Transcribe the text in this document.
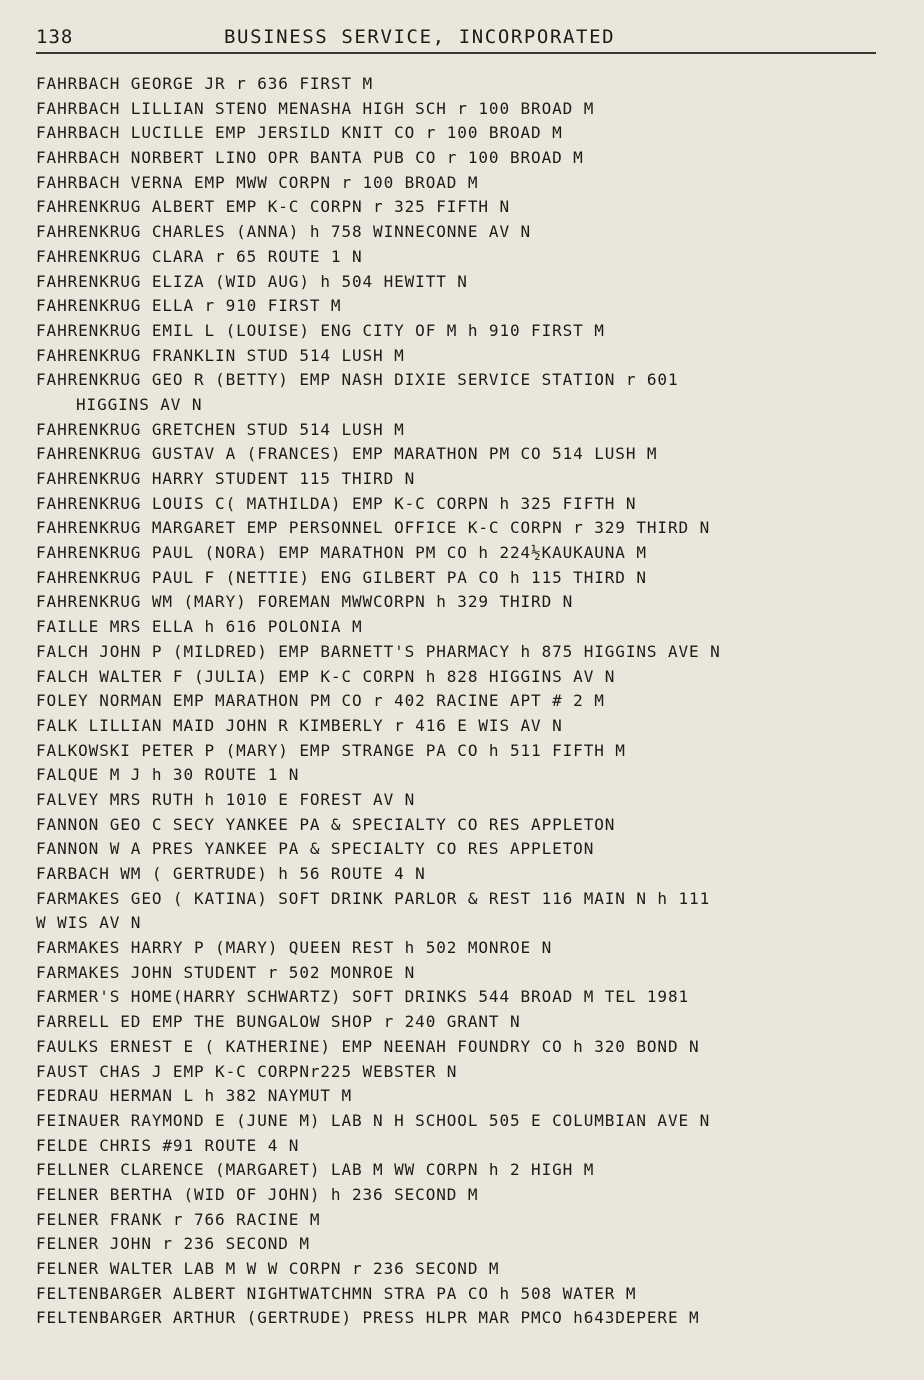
138	BUSINESS SERVICE, INCORPORATED
FAHRBACH GEORGE JR r 636 FIRST M
FAHRBACH LILLIAN STENO MENASHA HIGH SCH r 100 BROAD M
FAHRBACH LUCILLE EMP JERSILD KNIT CO r 100 BROAD M
FAHRBACH NORBERT LINO OPR BANTA PUB CO r 100 BROAD M
FAHRBACH VERNA EMP MWW CORPN r 100 BROAD M
FAHRENKRUG ALBERT EMP K-C CORPN r 325 FIFTH N
FAHRENKRUG CHARLES (ANNA) h 758 WINNECONNE AV N
FAHRENKRUG CLARA r 65 ROUTE 1 N
FAHRENKRUG ELIZA (WID AUG) h 504 HEWITT N
FAHRENKRUG ELLA r 910 FIRST M
FAHRENKRUG EMIL L (LOUISE) ENG CITY OF M h 910 FIRST M
FAHRENKRUG FRANKLIN STUD 514 LUSH M
FAHRENKRUG GEO R (BETTY) EMP NASH DIXIE SERVICE STATION r 601
HIGGINS AV N
FAHRENKRUG GRETCHEN STUD 514 LUSH M
FAHRENKRUG GUSTAV A (FRANCES) EMP MARATHON PM CO 514 LUSH M
FAHRENKRUG HARRY STUDENT 115 THIRD N
FAHRENKRUG LOUIS C( MATHILDA) EMP K-C CORPN h 325 FIFTH N
FAHRENKRUG MARGARET EMP PERSONNEL OFFICE K-C CORPN r 329 THIRD N
FAHRENKRUG PAUL (NORA) EMP MARATHON PM CO h 224½KAUKAUNA M
FAHRENKRUG PAUL F (NETTIE) ENG GILBERT PA CO h 115 THIRD N
FAHRENKRUG WM (MARY) FOREMAN MWWCORPN h 329 THIRD N
FAILLE MRS ELLA h 616 POLONIA M
FALCH JOHN P (MILDRED) EMP BARNETT'S PHARMACY h 875 HIGGINS AVE N
FALCH WALTER F (JULIA) EMP K-C CORPN h 828 HIGGINS AV N
FOLEY NORMAN EMP MARATHON PM CO r 402 RACINE APT # 2 M
FALK LILLIAN MAID JOHN R KIMBERLY r 416 E WIS AV N
FALKOWSKI PETER P (MARY) EMP STRANGE PA CO h 511 FIFTH M
FALQUE M J h 30 ROUTE 1 N
FALVEY MRS RUTH h 1010 E FOREST AV N
FANNON GEO C SECY YANKEE PA & SPECIALTY CO RES APPLETON
FANNON W A PRES YANKEE PA & SPECIALTY CO RES APPLETON
FARBACH WM ( GERTRUDE) h 56 ROUTE 4 N
FARMAKES GEO ( KATINA) SOFT DRINK PARLOR & REST 116 MAIN N h 111
W WIS AV N
FARMAKES HARRY P (MARY) QUEEN REST h 502 MONROE N
FARMAKES JOHN STUDENT r 502 MONROE N
FARMER'S HOME(HARRY SCHWARTZ) SOFT DRINKS 544 BROAD M TEL 1981
FARRELL ED EMP THE BUNGALOW SHOP r 240 GRANT N
FAULKS ERNEST E ( KATHERINE) EMP NEENAH FOUNDRY CO h 320 BOND N
FAUST CHAS J EMP K-C CORPNr225 WEBSTER N
FEDRAU HERMAN L h 382 NAYMUT M
FEINAUER RAYMOND E (JUNE M) LAB N H SCHOOL 505 E COLUMBIAN AVE N
FELDE CHRIS #91 ROUTE 4 N
FELLNER CLARENCE (MARGARET) LAB M WW CORPN h 2 HIGH M
FELNER BERTHA (WID OF JOHN) h 236 SECOND M
FELNER FRANK r 766 RACINE M
FELNER JOHN r 236 SECOND M
FELNER WALTER LAB M W W CORPN r 236 SECOND M
FELTENBARGER ALBERT NIGHTWATCHMN STRA PA CO h 508 WATER M
FELTENBARGER ARTHUR (GERTRUDE) PRESS HLPR MAR PMCO h643DEPERE M
